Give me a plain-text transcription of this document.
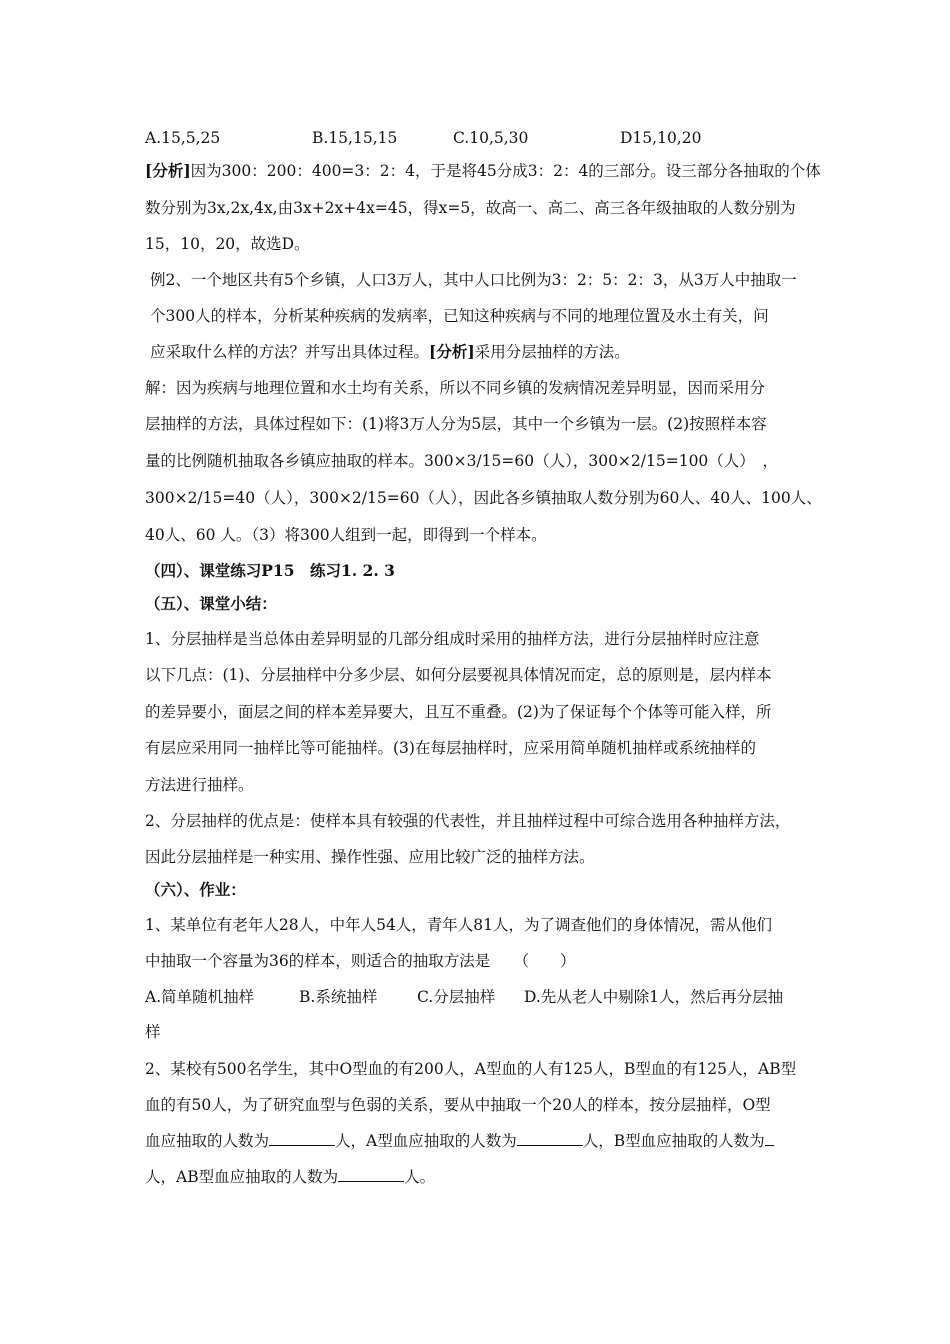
A.15,5,25	B.15,15,15	C.10,5,30	D15,10,20
[分析]因为300：200：400=3：2：4，于是将45分成3：2：4的三部分。设三部分各抽取的个体
数分别为3x,2x,4x,由3x+2x+4x=45，得x=5，故高一、高二、高三各年级抽取的人数分别为
15，10，20，故选D。
例2、一个地区共有5个乡镇，人口3万人，其中人口比例为3：2：5：2：3，从3万人中抽取一
个300人的样本，分析某种疾病的发病率，已知这种疾病与不同的地理位置及水土有关，问
应采取什么样的方法？并写出具体过程。[分析]采用分层抽样的方法。
解：因为疾病与地理位置和水土均有关系，所以不同乡镇的发病情况差异明显，因而采用分
层抽样的方法，具体过程如下：(1)将3万人分为5层，其中一个乡镇为一层。(2)按照样本容
量的比例随机抽取各乡镇应抽取的样本。300×3/15=60（人），300×2/15=100（人）　，
300×2/15=40（人），300×2/15=60（人），因此各乡镇抽取人数分别为60人、40人、100人、
40人、60 人。（3）将300人组到一起，即得到一个样本。
（四）、课堂练习P15　练习1. 2. 3
（五）、课堂小结：
1、分层抽样是当总体由差异明显的几部分组成时采用的抽样方法，进行分层抽样时应注意
以下几点：(1)、分层抽样中分多少层、如何分层要视具体情况而定，总的原则是，层内样本
的差异要小，面层之间的样本差异要大，且互不重叠。(2)为了保证每个个体等可能入样，所
有层应采用同一抽样比等可能抽样。(3)在每层抽样时，应采用简单随机抽样或系统抽样的
方法进行抽样。
2、分层抽样的优点是：使样本具有较强的代表性，并且抽样过程中可综合选用各种抽样方法，
因此分层抽样是一种实用、操作性强、应用比较广泛的抽样方法。
（六）、作业：
1、某单位有老年人28人，中年人54人，青年人81人，为了调查他们的身体情况，需从他们
中抽取一个容量为36的样本，则适合的抽取方法是　　（　　）
A.简单随机抽样	B.系统抽样	C.分层抽样 D.先从老人中剔除1人，然后再分层抽
样
2、某校有500名学生，其中O型血的有200人，A型血的人有125人，B型血的有125人，AB型
血的有50人，为了研究血型与色弱的关系，要从中抽取一个20人的样本，按分层抽样，O型
血应抽取的人数为	人，A型血应抽取的人数为	人，B型血应抽取的人数为
人，AB型血应抽取的人数为	人。
